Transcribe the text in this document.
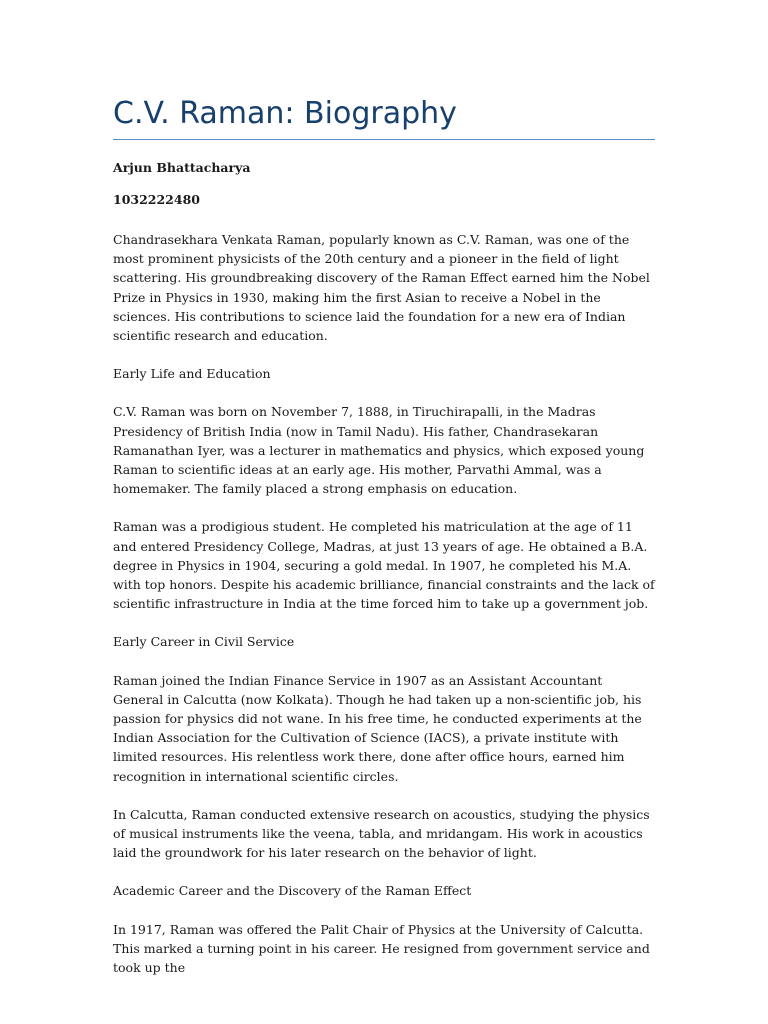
C.V. Raman: Biography

Arjun Bhattacharya

1032222480

Chandrasekhara Venkata Raman, popularly known as C.V. Raman, was one of the most prominent physicists of the 20th century and a pioneer in the field of light scattering. His groundbreaking discovery of the Raman Effect earned him the Nobel Prize in Physics in 1930, making him the first Asian to receive a Nobel in the sciences. His contributions to science laid the foundation for a new era of Indian scientific research and education.

Early Life and Education

C.V. Raman was born on November 7, 1888, in Tiruchirapalli, in the Madras Presidency of British India (now in Tamil Nadu). His father, Chandrasekaran Ramanathan Iyer, was a lecturer in mathematics and physics, which exposed young Raman to scientific ideas at an early age. His mother, Parvathi Ammal, was a homemaker. The family placed a strong emphasis on education.

Raman was a prodigious student. He completed his matriculation at the age of 11 and entered Presidency College, Madras, at just 13 years of age. He obtained a B.A. degree in Physics in 1904, securing a gold medal. In 1907, he completed his M.A. with top honors. Despite his academic brilliance, financial constraints and the lack of scientific infrastructure in India at the time forced him to take up a government job.

Early Career in Civil Service

Raman joined the Indian Finance Service in 1907 as an Assistant Accountant General in Calcutta (now Kolkata). Though he had taken up a non-scientific job, his passion for physics did not wane. In his free time, he conducted experiments at the Indian Association for the Cultivation of Science (IACS), a private institute with limited resources. His relentless work there, done after office hours, earned him recognition in international scientific circles.

In Calcutta, Raman conducted extensive research on acoustics, studying the physics of musical instruments like the veena, tabla, and mridangam. His work in acoustics laid the groundwork for his later research on the behavior of light.

Academic Career and the Discovery of the Raman Effect

In 1917, Raman was offered the Palit Chair of Physics at the University of Calcutta. This marked a turning point in his career. He resigned from government service and took up the
